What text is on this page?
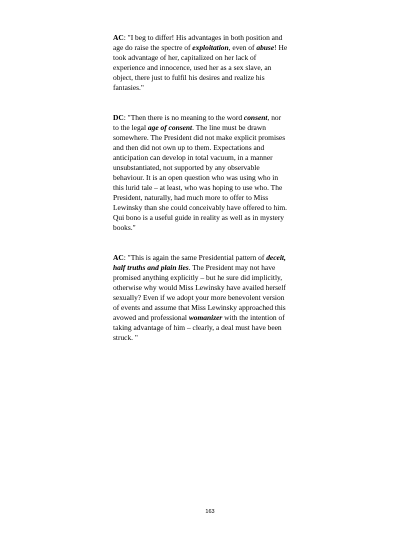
AC: "I beg to differ! His advantages in both position and
age do raise the spectre of exploitation, even of abuse! He
took advantage of her, capitalized on her lack of
experience and innocence, used her as a sex slave, an
object, there just to fulfil his desires and realize his
fantasies."

DC: "Then there is no meaning to the word consent, nor
to the legal age of consent. The line must be drawn
somewhere. The President did not make explicit promises
and then did not own up to them. Expectations and
anticipation can develop in total vacuum, in a manner
unsubstantiated, not supported by any observable
behaviour. It is an open question who was using who in
this lurid tale – at least, who was hoping to use who. The
President, naturally, had much more to offer to Miss
Lewinsky than she could conceivably have offered to him.
Qui bono is a useful guide in reality as well as in mystery
books."

AC: "This is again the same Presidential pattern of deceit,
half truths and plain lies. The President may not have
promised anything explicitly – but he sure did implicitly,
otherwise why would Miss Lewinsky have availed herself
sexually? Even if we adopt your more benevolent version
of events and assume that Miss Lewinsky approached this
avowed and professional womanizer with the intention of
taking advantage of him – clearly, a deal must have been
struck. "

163
